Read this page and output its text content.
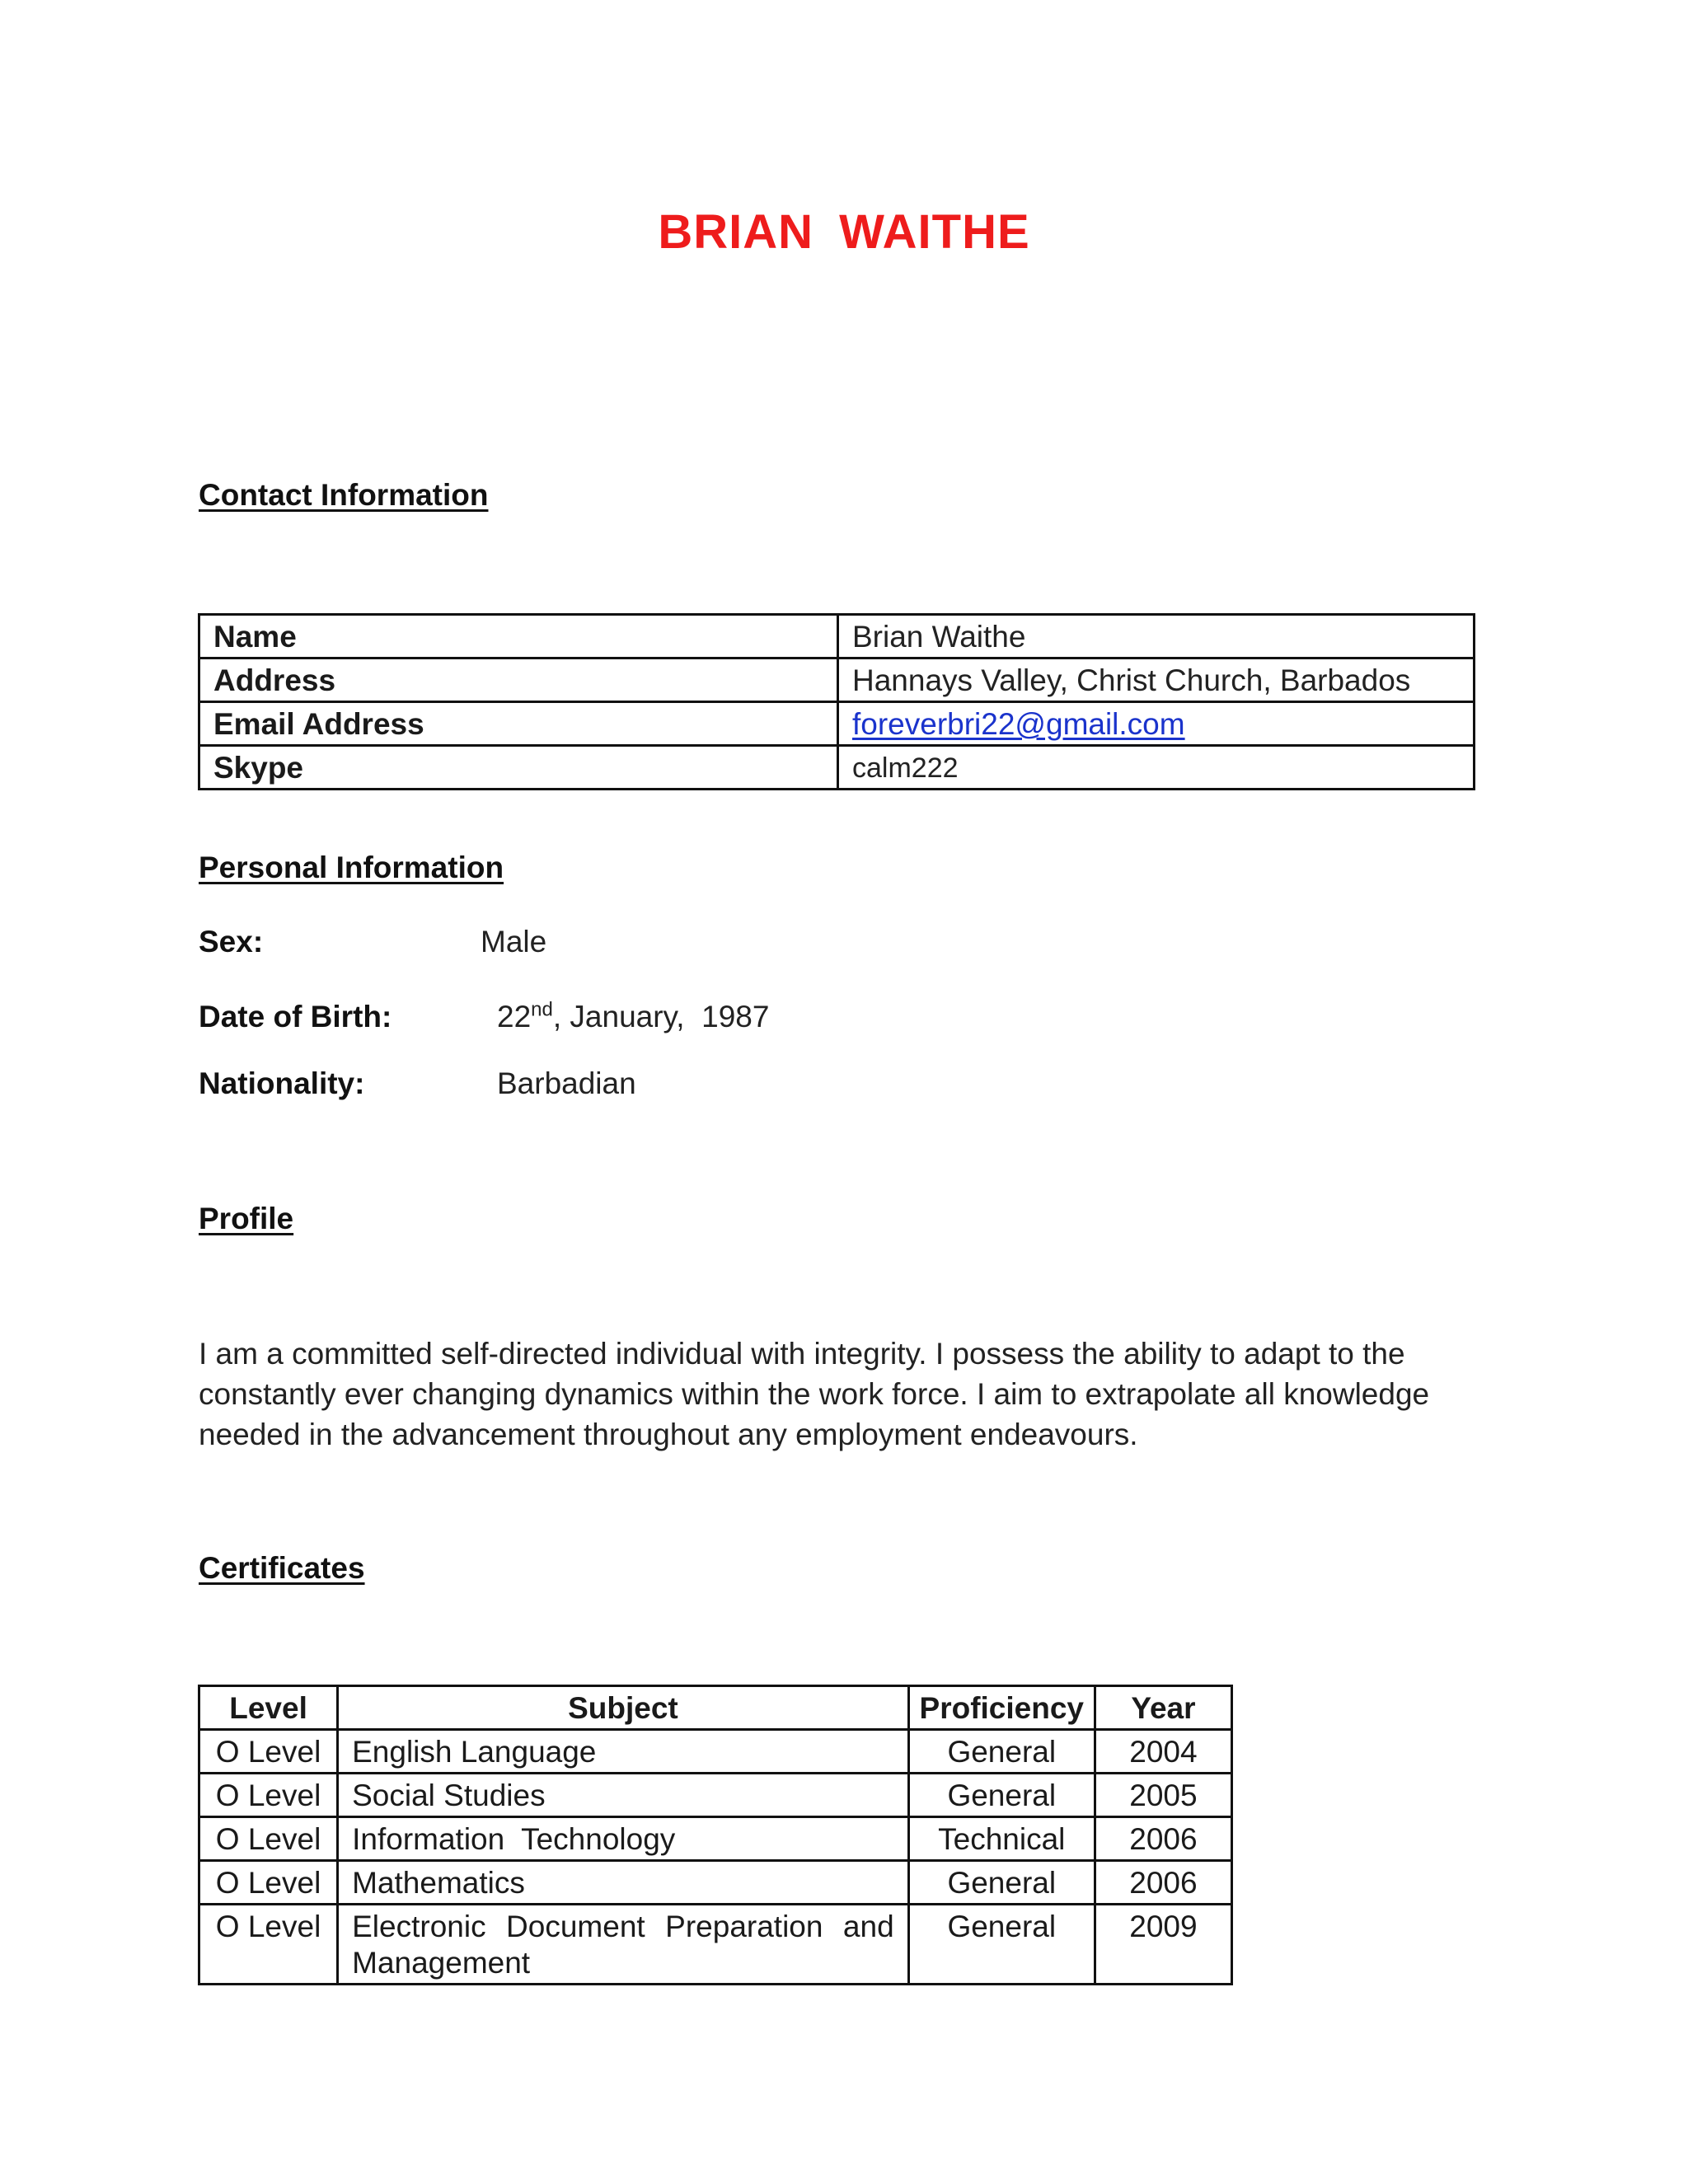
BRIAN WAITHE
Contact Information
Name	Brian Waithe
Address	Hannays Valley, Christ Church, Barbados
Email Address	foreverbri22@gmail.com
Skype	calm222
Personal Information
Sex:	Male
Date of Birth:	22nd, January,  1987
Nationality:	Barbadian
Profile
I am a committed self-directed individual with integrity. I possess the ability to adapt to the constantly ever changing dynamics within the work force. I aim to extrapolate all knowledge needed in the advancement throughout any employment endeavours.
Certificates
Level	Subject	Proficiency	Year
O Level	English Language	General	2004
O Level	Social Studies	General	2005
O Level	Information  Technology	Technical	2006
O Level	Mathematics	General	2006
O Level	Electronic Document Preparation and Management	General	2009
